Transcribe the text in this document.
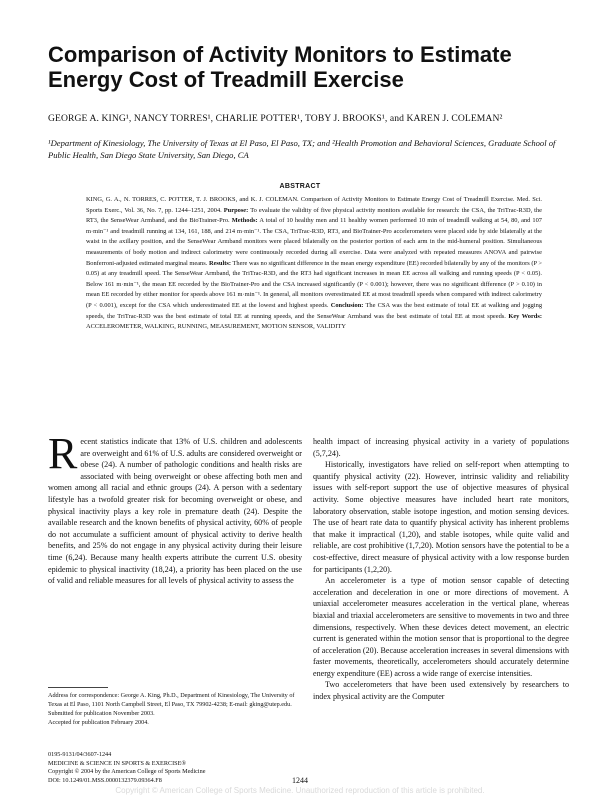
Comparison of Activity Monitors to Estimate Energy Cost of Treadmill Exercise
GEORGE A. KING¹, NANCY TORRES¹, CHARLIE POTTER¹, TOBY J. BROOKS¹, and KAREN J. COLEMAN²
¹Department of Kinesiology, The University of Texas at El Paso, El Paso, TX; and ²Health Promotion and Behavioral Sciences, Graduate School of Public Health, San Diego State University, San Diego, CA
ABSTRACT
KING, G. A., N. TORRES, C. POTTER, T. J. BROOKS, and K. J. COLEMAN. Comparison of Activity Monitors to Estimate Energy Cost of Treadmill Exercise. Med. Sci. Sports Exerc., Vol. 36, No. 7, pp. 1244–1251, 2004. Purpose: To evaluate the validity of five physical activity monitors available for research: the CSA, the TriTrac-R3D, the RT3, the SenseWear Armband, and the BioTrainer-Pro. Methods: A total of 10 healthy men and 11 healthy women performed 10 min of treadmill walking at 54, 80, and 107 m·min⁻¹ and treadmill running at 134, 161, 188, and 214 m·min⁻¹. The CSA, TriTrac-R3D, RT3, and BioTrainer-Pro accelerometers were placed side by side bilaterally at the waist in the axillary position, and the SenseWear Armband monitors were placed bilaterally on the posterior portion of each arm in the mid-humeral position. Simultaneous measurements of body motion and indirect calorimetry were continuously recorded during all exercise. Data were analyzed with repeated measures ANOVA and pairwise Bonferroni-adjusted estimated marginal means. Results: There was no significant difference in the mean energy expenditure (EE) recorded bilaterally by any of the monitors (P > 0.05) at any treadmill speed. The SenseWear Armband, the TriTrac-R3D, and the RT3 had significant increases in mean EE across all walking and running speeds (P < 0.05). Below 161 m·min⁻¹, the mean EE recorded by the BioTrainer-Pro and the CSA increased significantly (P < 0.001); however, there was no significant difference (P > 0.10) in mean EE recorded by either monitor for speeds above 161 m·min⁻¹. In general, all monitors overestimated EE at most treadmill speeds when compared with indirect calorimetry (P < 0.001), except for the CSA which underestimated EE at the lowest and highest speeds. Conclusion: The CSA was the best estimate of total EE at walking and jogging speeds, the TriTrac-R3D was the best estimate of total EE at running speeds, and the SenseWear Armband was the best estimate of total EE at most speeds. Key Words: ACCELEROMETER, WALKING, RUNNING, MEASUREMENT, MOTION SENSOR, VALIDITY

Recent statistics indicate that 13% of U.S. children and adolescents are overweight and 61% of U.S. adults are considered overweight or obese (24). A number of pathologic conditions and health risks are associated with being overweight or obese affecting both men and women among all racial and ethnic groups (24). A person with a sedentary lifestyle has a twofold greater risk for becoming overweight or obese, and physical inactivity plays a key role in premature death (24). Despite the available research and the known benefits of physical activity, 60% of people do not accumulate a sufficient amount of physical activity to derive health benefits, and 25% do not engage in any physical activity during their leisure time (6,24). Because many health experts attribute the current U.S. obesity epidemic to physical inactivity (18,24), a priority has been placed on the use of valid and reliable measures for all levels of physical activity to assess the

health impact of increasing physical activity in a variety of populations (5,7,24).

Historically, investigators have relied on self-report when attempting to quantify physical activity (22). However, intrinsic validity and reliability issues with self-report support the use of objective measures of physical activity. Some objective measures have included heart rate monitors, laboratory observation, stable isotope ingestion, and motion sensing devices. The use of heart rate data to quantify physical activity has inherent problems that make it impractical (1,20), and stable isotopes, while quite valid and reliable, are cost prohibitive (1,7,20). Motion sensors have the potential to be a cost-effective, direct measure of physical activity with a low response burden for participants (1,2,20).

An accelerometer is a type of motion sensor capable of detecting acceleration and deceleration in one or more directions of movement. A uniaxial accelerometer measures acceleration in the vertical plane, whereas biaxial and triaxial accelerometers are sensitive to movements in two and three dimensions, respectively. When these devices detect movement, an electric current is generated within the motion sensor that is proportional to the degree of acceleration (20). Because acceleration increases in several dimensions with faster movements, theoretically, accelerometers should accurately determine energy expenditure (EE) across a wide range of exercise intensities.

Two accelerometers that have been used extensively by researchers to index physical activity are the Computer

Address for correspondence: George A. King, Ph.D., Department of Kinesiology, The University of Texas at El Paso, 1101 North Campbell Street, El Paso, TX 79902-4238; E-mail: gking@utep.edu.
Submitted for publication November 2003.
Accepted for publication February 2004.
0195-9131/04/3607-1244
MEDICINE & SCIENCE IN SPORTS & EXERCISE®
Copyright © 2004 by the American College of Sports Medicine
DOI: 10.1249/01.MSS.0000132379.09364.F8	1244
Copyright © American College of Sports Medicine. Unauthorized reproduction of this article is prohibited.
